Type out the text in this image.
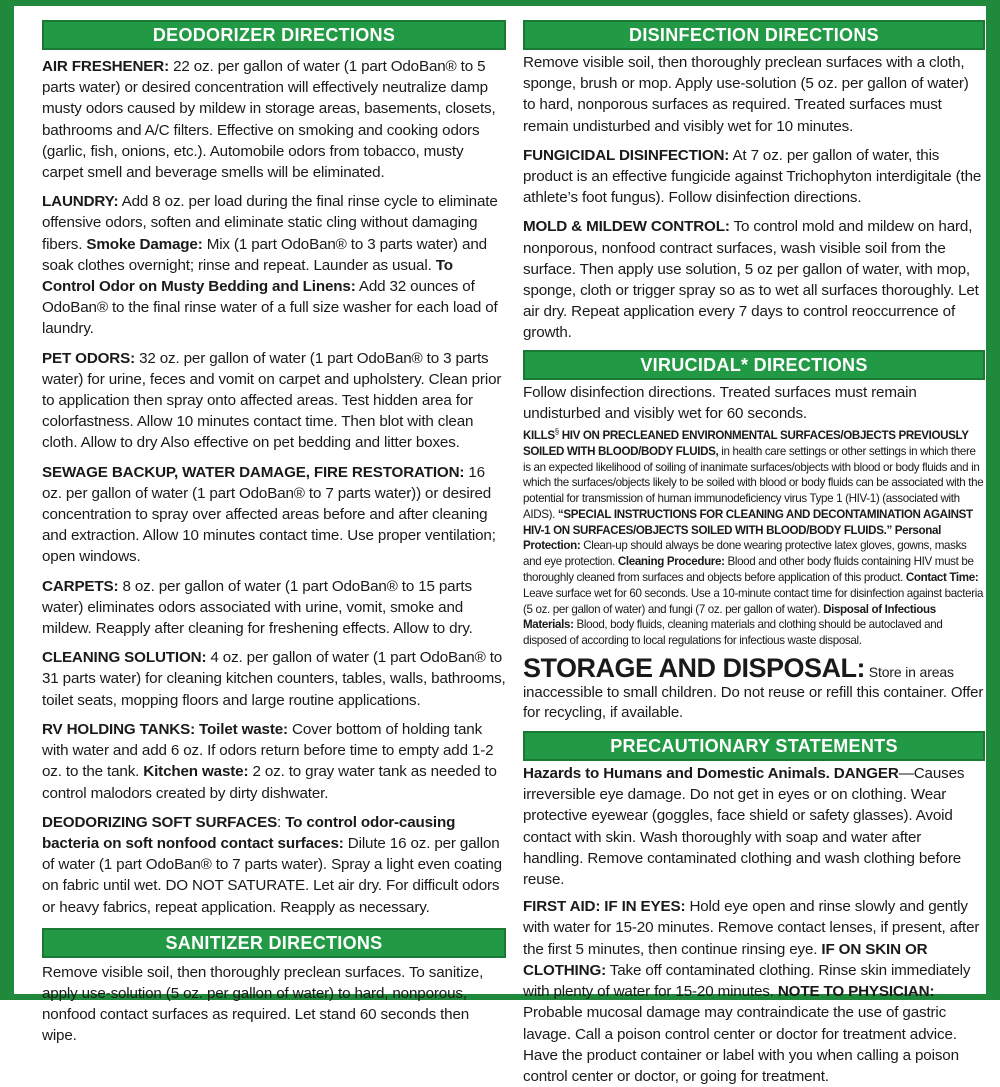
DEODORIZER DIRECTIONS

AIR FRESHENER: 22 oz. per gallon of water (1 part OdoBan® to 5 parts water) or desired concentration will effectively neutralize damp musty odors caused by mildew in storage areas, basements, closets, bathrooms and A/C filters. Effective on smoking and cooking odors (garlic, fish, onions, etc.). Automobile odors from tobacco, musty carpet smell and beverage smells will be eliminated.

LAUNDRY: Add 8 oz. per load during the final rinse cycle to eliminate offensive odors, soften and eliminate static cling without damaging fibers. Smoke Damage: Mix (1 part OdoBan® to 3 parts water) and soak clothes overnight; rinse and repeat. Launder as usual. To Control Odor on Musty Bedding and Linens: Add 32 ounces of OdoBan® to the final rinse water of a full size washer for each load of laundry.

PET ODORS: 32 oz. per gallon of water (1 part OdoBan® to 3 parts water) for urine, feces and vomit on carpet and upholstery. Clean prior to application then spray onto affected areas. Test hidden area for colorfastness. Allow 10 minutes contact time. Then blot with clean cloth. Allow to dry Also effective on pet bedding and litter boxes.

SEWAGE BACKUP, WATER DAMAGE, FIRE RESTORATION: 16 oz. per gallon of water (1 part OdoBan® to 7 parts water)) or desired concentration to spray over affected areas before and after cleaning and extraction. Allow 10 minutes contact time. Use proper ventilation; open windows.

CARPETS: 8 oz. per gallon of water (1 part OdoBan® to 15 parts water) eliminates odors associated with urine, vomit, smoke and mildew. Reapply after cleaning for freshening effects. Allow to dry.

CLEANING SOLUTION: 4 oz. per gallon of water (1 part OdoBan® to 31 parts water) for cleaning kitchen counters, tables, walls, bathrooms, toilet seats, mopping floors and large routine applications.

RV HOLDING TANKS: Toilet waste: Cover bottom of holding tank with water and add 6 oz. If odors return before time to empty add 1-2 oz. to the tank. Kitchen waste: 2 oz. to gray water tank as needed to control malodors created by dirty dishwater.

DEODORIZING SOFT SURFACES: To control odor-causing bacteria on soft nonfood contact surfaces: Dilute 16 oz. per gallon of water (1 part OdoBan® to 7 parts water). Spray a light even coating on fabric until wet. DO NOT SATURATE. Let air dry. For difficult odors or heavy fabrics, repeat application. Reapply as necessary.

SANITIZER DIRECTIONS

Remove visible soil, then thoroughly preclean surfaces. To sanitize, apply use-solution (5 oz. per gallon of water) to hard, nonporous, nonfood contact surfaces as required. Let stand 60 seconds then wipe.

DISINFECTION DIRECTIONS

Remove visible soil, then thoroughly preclean surfaces with a cloth, sponge, brush or mop. Apply use-solution (5 oz. per gallon of water) to hard, nonporous surfaces as required. Treated surfaces must remain undisturbed and visibly wet for 10 minutes.

FUNGICIDAL DISINFECTION: At 7 oz. per gallon of water, this product is an effective fungicide against Trichophyton interdigitale (the athlete’s foot fungus). Follow disinfection directions.

MOLD & MILDEW CONTROL: To control mold and mildew on hard, nonporous, nonfood contract surfaces, wash visible soil from the surface. Then apply use solution, 5 oz per gallon of water, with mop, sponge, cloth or trigger spray so as to wet all surfaces thoroughly. Let air dry. Repeat application every 7 days to control reoccurrence of growth.

VIRUCIDAL* DIRECTIONS

Follow disinfection directions. Treated surfaces must remain undisturbed and visibly wet for 60 seconds.

KILLS§ HIV ON PRECLEANED ENVIRONMENTAL SURFACES/OBJECTS PREVIOUSLY SOILED WITH BLOOD/BODY FLUIDS, in health care settings or other settings in which there is an expected likelihood of soiling of inanimate surfaces/objects with blood or body fluids and in which the surfaces/objects likely to be soiled with blood or body fluids can be associated with the potential for transmission of human immunodeficiency virus Type 1 (HIV-1) (associated with AIDS). “SPECIAL INSTRUCTIONS FOR CLEANING AND DECONTAMINATION AGAINST HIV-1 ON SURFACES/OBJECTS SOILED WITH BLOOD/BODY FLUIDS.” Personal Protection: Clean-up should always be done wearing protective latex gloves, gowns, masks and eye protection. Cleaning Procedure: Blood and other body fluids containing HIV must be thoroughly cleaned from surfaces and objects before application of this product. Contact Time: Leave surface wet for 60 seconds. Use a 10-minute contact time for disinfection against bacteria (5 oz. per gallon of water) and fungi (7 oz. per gallon of water). Disposal of Infectious Materials: Blood, body fluids, cleaning materials and clothing should be autoclaved and disposed of according to local regulations for infectious waste disposal.

STORAGE AND DISPOSAL: Store in areas inaccessible to small children. Do not reuse or refill this container. Offer for recycling, if available.

PRECAUTIONARY STATEMENTS

Hazards to Humans and Domestic Animals. DANGER—Causes irreversible eye damage. Do not get in eyes or on clothing. Wear protective eyewear (goggles, face shield or safety glasses). Avoid contact with skin. Wash thoroughly with soap and water after handling. Remove contaminated clothing and wash clothing before reuse.

FIRST AID: IF IN EYES: Hold eye open and rinse slowly and gently with water for 15-20 minutes. Remove contact lenses, if present, after the first 5 minutes, then continue rinsing eye. IF ON SKIN OR CLOTHING: Take off contaminated clothing. Rinse skin immediately with plenty of water for 15-20 minutes. NOTE TO PHYSICIAN: Probable mucosal damage may contraindicate the use of gastric lavage. Call a poison control center or doctor for treatment advice. Have the product container or label with you when calling a poison control center or doctor, or going for treatment.
